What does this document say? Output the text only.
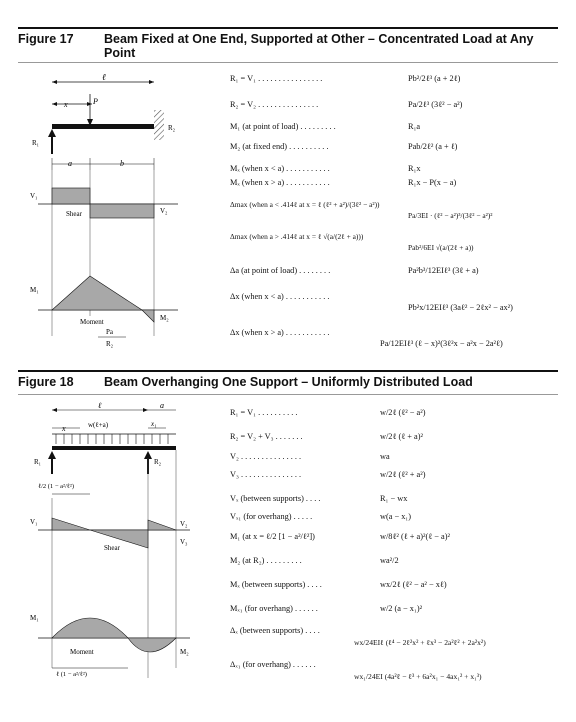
Figure 17 Beam Fixed at One End, Supported at Other – Concentrated Load at Any Point
ℓ
x	P
R₂
R₁
a	b
Shear
V₁
V₂
M₁
M₂
Moment
Pa
R₂
R₁ = V₁ . . . . . . . . . . . . . . . .	Pb²/2ℓ³ (a + 2ℓ)
R₂ = V₂ . . . . . . . . . . . . . . .	Pa/2ℓ³ (3ℓ² − a²)
M₁ (at point of load) . . . . . . . . .	R₁a
M₂ (at fixed end) . . . . . . . . . .	Pab/2ℓ² (a + ℓ)
Mₓ (when x < a) . . . . . . . . . . .	R₁x
Mₓ (when x > a) . . . . . . . . . . .	R₁x − P(x − a)
Δmax (when a < .414ℓ at x = ℓ (ℓ² + a²)/(3ℓ² − a²))
Pa/3EI · (ℓ² − a²)³/(3ℓ² − a²)²
Δmax (when a > .414ℓ at x = ℓ √(a/(2ℓ + a)))
Pab²/6EI √(a/(2ℓ + a))
Δa (at point of load) . . . . . . . .	Pa²b³/12EIℓ³ (3ℓ + a)
Δx (when x < a) . . . . . . . . . . .
Pb²x/12EIℓ³ (3aℓ² − 2ℓx² − ax²)
Δx (when x > a) . . . . . . . . . . .
Pa/12EIℓ³ (ℓ − x)²(3ℓ²x − a²x − 2a²ℓ)
Figure 18 Beam Overhanging One Support – Uniformly Distributed Load
ℓ	a
x	x₁
w(ℓ+a)
R₁	R₂
ℓ/2 (1 − a²/ℓ²)
Shear
V₁	V₂
V₃
M₁
M₂
Moment
ℓ (1 − a²/ℓ²)
R₁ = V₁ . . . . . . . . . .	w/2ℓ (ℓ² − a²)
R₂ = V₂ + V₃ . . . . . . .	w/2ℓ (ℓ + a)²
V₂ . . . . . . . . . . . . . . .	wa
V₃ . . . . . . . . . . . . . . .	w/2ℓ (ℓ² + a²)
Vₓ (between supports) . . . .	R₁ − wx
Vₓ₁ (for overhang) . . . . .	w(a − x₁)
M₁ (at x = ℓ/2 [1 − a²/ℓ²])	w/8ℓ² (ℓ + a)²(ℓ − a)²
M₂ (at R₂) . . . . . . . . .	wa²/2
Mₓ (between supports) . . . .	wx/2ℓ (ℓ² − a² − xℓ)
Mₓ₁ (for overhang) . . . . . .	w/2 (a − x₁)²
Δₓ (between supports) . . . .
wx/24EIℓ (ℓ⁴ − 2ℓ²x² + ℓx³ − 2a²ℓ² + 2a²x²)
Δₓ₁ (for overhang) . . . . . .
wx₁/24EI (4a²ℓ − ℓ³ + 6a²x₁ − 4ax₁² + x₁³)
